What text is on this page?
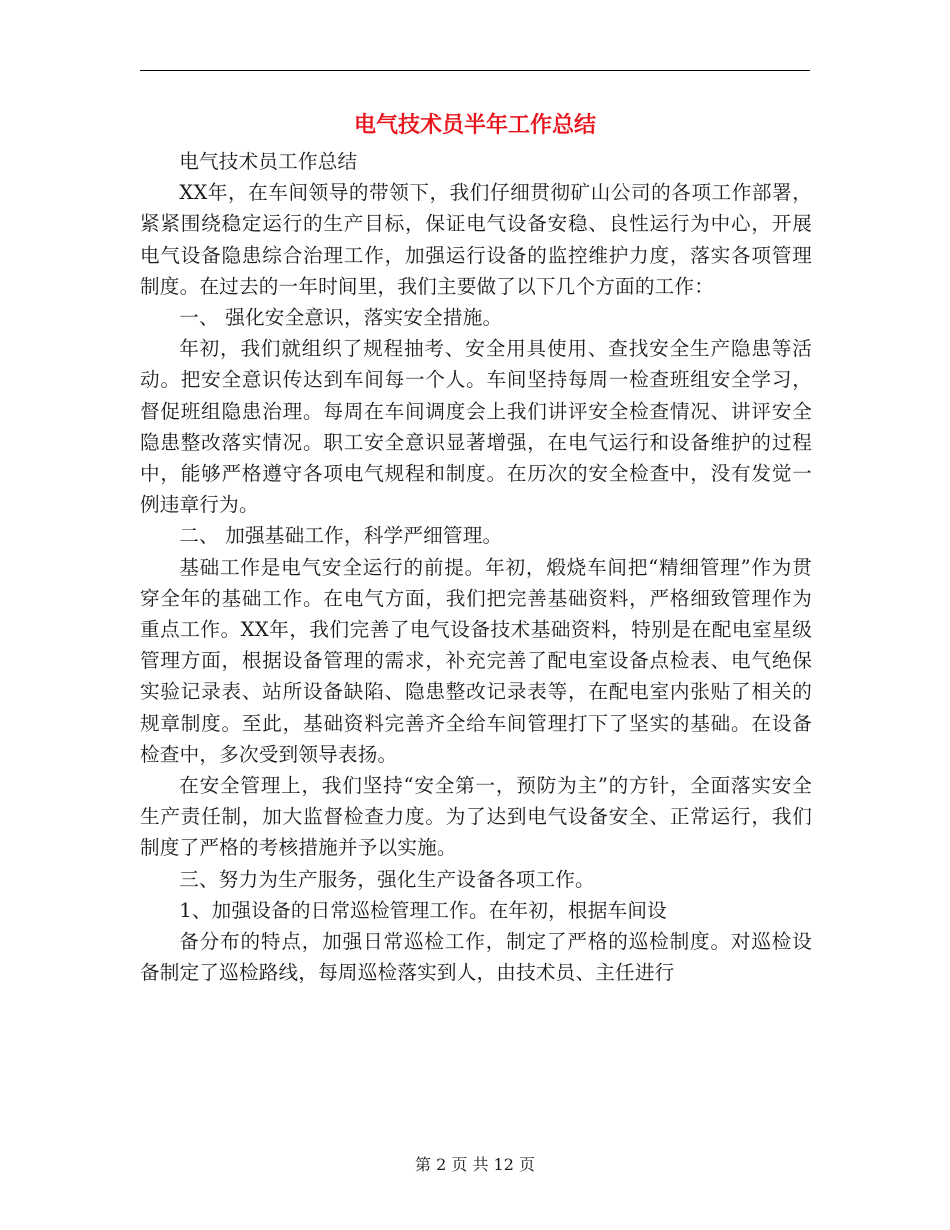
电气技术员半年工作总结

电气技术员工作总结

XX年，在车间领导的带领下，我们仔细贯彻矿山公司的各项工作部署，紧紧围绕稳定运行的生产目标，保证电气设备安稳、良性运行为中心，开展电气设备隐患综合治理工作，加强运行设备的监控维护力度，落实各项管理制度。在过去的一年时间里，我们主要做了以下几个方面的工作：

一、 强化安全意识，落实安全措施。

年初，我们就组织了规程抽考、安全用具使用、查找安全生产隐患等活动。把安全意识传达到车间每一个人。车间坚持每周一检查班组安全学习，督促班组隐患治理。每周在车间调度会上我们讲评安全检查情况、讲评安全隐患整改落实情况。职工安全意识显著增强，在电气运行和设备维护的过程中，能够严格遵守各项电气规程和制度。在历次的安全检查中，没有发觉一例违章行为。

二、 加强基础工作，科学严细管理。

基础工作是电气安全运行的前提。年初，煅烧车间把“精细管理”作为贯穿全年的基础工作。在电气方面，我们把完善基础资料，严格细致管理作为重点工作。XX年，我们完善了电气设备技术基础资料，特别是在配电室星级管理方面，根据设备管理的需求，补充完善了配电室设备点检表、电气绝保实验记录表、站所设备缺陷、隐患整改记录表等，在配电室内张贴了相关的规章制度。至此，基础资料完善齐全给车间管理打下了坚实的基础。在设备检查中，多次受到领导表扬。

在安全管理上，我们坚持“安全第一，预防为主”的方针，全面落实安全生产责任制，加大监督检查力度。为了达到电气设备安全、正常运行，我们制度了严格的考核措施并予以实施。

三、努力为生产服务，强化生产设备各项工作。

1、加强设备的日常巡检管理工作。在年初，根据车间设

备分布的特点，加强日常巡检工作，制定了严格的巡检制度。对巡检设备制定了巡检路线，每周巡检落实到人，由技术员、主任进行

第 2 页 共 12 页
